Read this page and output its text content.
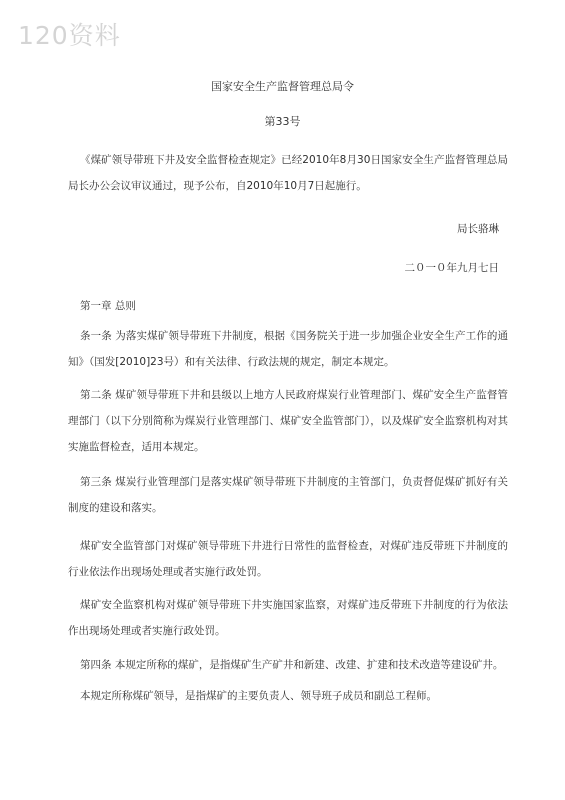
120资料
国家安全生产监督管理总局令
第33号
《煤矿领导带班下井及安全监督检查规定》已经2010年8月30日国家安全生产监督管理总局局长办公会议审议通过，现予公布，自2010年10月7日起施行。
局长骆琳
二０一０年九月七日
第一章 总则
条一条 为落实煤矿领导带班下井制度，根据《国务院关于进一步加强企业安全生产工作的通知》（国发[2010]23号）和有关法律、行政法规的规定，制定本规定。
第二条 煤矿领导带班下井和县级以上地方人民政府煤炭行业管理部门、煤矿安全生产监督管理部门（以下分别简称为煤炭行业管理部门、煤矿安全监管部门），以及煤矿安全监察机构对其实施监督检查，适用本规定。
第三条 煤炭行业管理部门是落实煤矿领导带班下井制度的主管部门，负责督促煤矿抓好有关制度的建设和落实。
煤矿安全监管部门对煤矿领导带班下井进行日常性的监督检查，对煤矿违反带班下井制度的行业依法作出现场处理或者实施行政处罚。
煤矿安全监察机构对煤矿领导带班下井实施国家监察，对煤矿违反带班下井制度的行为依法作出现场处理或者实施行政处罚。
第四条 本规定所称的煤矿，是指煤矿生产矿井和新建、改建、扩建和技术改造等建设矿井。
本规定所称煤矿领导，是指煤矿的主要负责人、领导班子成员和副总工程师。
